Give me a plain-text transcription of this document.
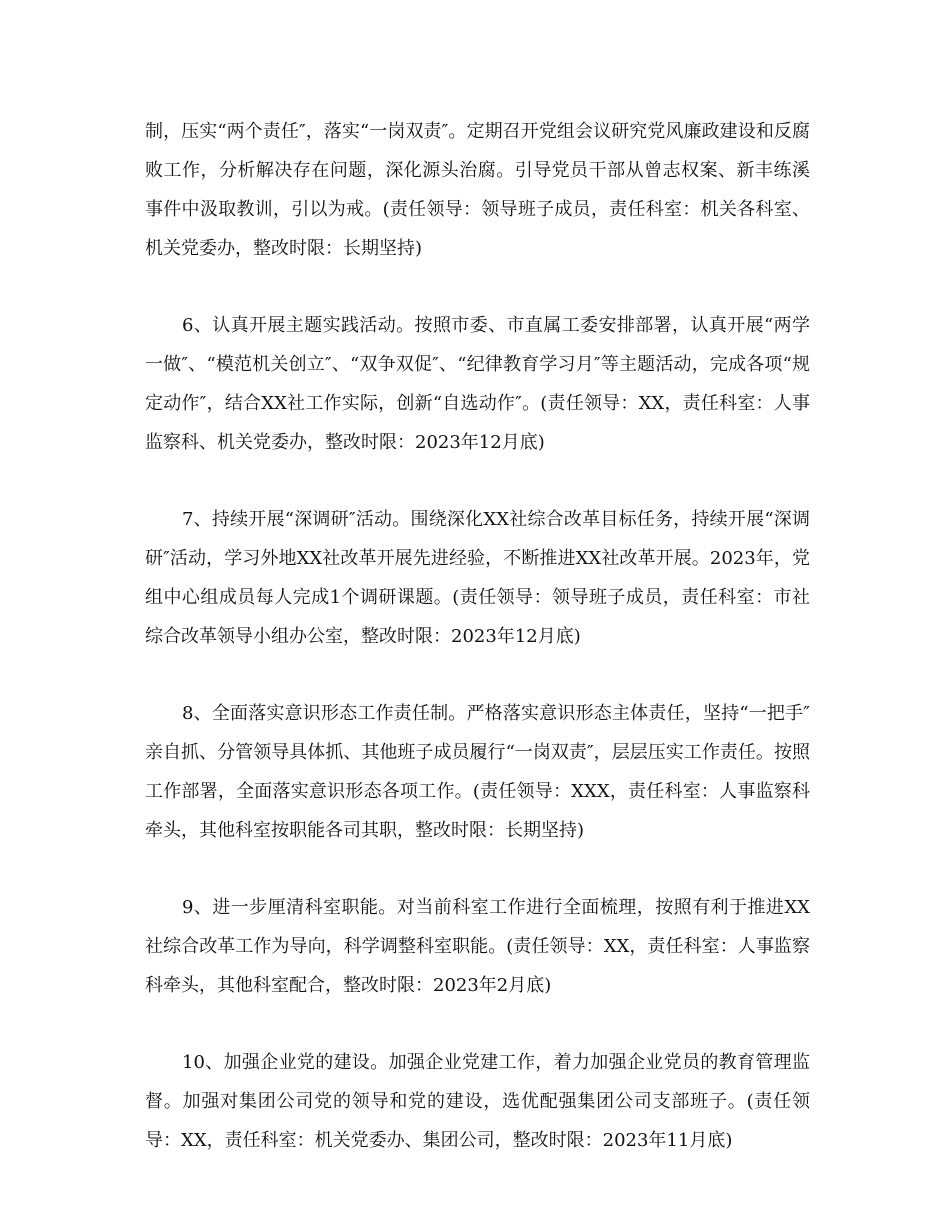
制，压实“两个责任″，落实“一岗双责″。定期召开党组会议研究党风廉政建设和反腐败工作，分析解决存在问题，深化源头治腐。引导党员干部从曾志权案、新丰练溪事件中汲取教训，引以为戒。(责任领导：领导班子成员，责任科室：机关各科室、机关党委办，整改时限：长期坚持)

6、认真开展主题实践活动。按照市委、市直属工委安排部署，认真开展“两学一做″、“模范机关创立″、“双争双促″、“纪律教育学习月″等主题活动，完成各项“规定动作″，结合XX社工作实际，创新“自选动作″。(责任领导：XX，责任科室：人事监察科、机关党委办，整改时限：2023年12月底)

7、持续开展“深调研″活动。围绕深化XX社综合改革目标任务，持续开展“深调研″活动，学习外地XX社改革开展先进经验，不断推进XX社改革开展。2023年，党组中心组成员每人完成1个调研课题。(责任领导：领导班子成员，责任科室：市社综合改革领导小组办公室，整改时限：2023年12月底)

8、全面落实意识形态工作责任制。严格落实意识形态主体责任，坚持“一把手″亲自抓、分管领导具体抓、其他班子成员履行“一岗双责″，层层压实工作责任。按照工作部署，全面落实意识形态各项工作。(责任领导：XXX，责任科室：人事监察科牵头，其他科室按职能各司其职，整改时限：长期坚持)

9、进一步厘清科室职能。对当前科室工作进行全面梳理，按照有利于推进XX社综合改革工作为导向，科学调整科室职能。(责任领导：XX，责任科室：人事监察科牵头，其他科室配合，整改时限：2023年2月底)

10、加强企业党的建设。加强企业党建工作，着力加强企业党员的教育管理监督。加强对集团公司党的领导和党的建设，选优配强集团公司支部班子。(责任领导：XX，责任科室：机关党委办、集团公司，整改时限：2023年11月底)
